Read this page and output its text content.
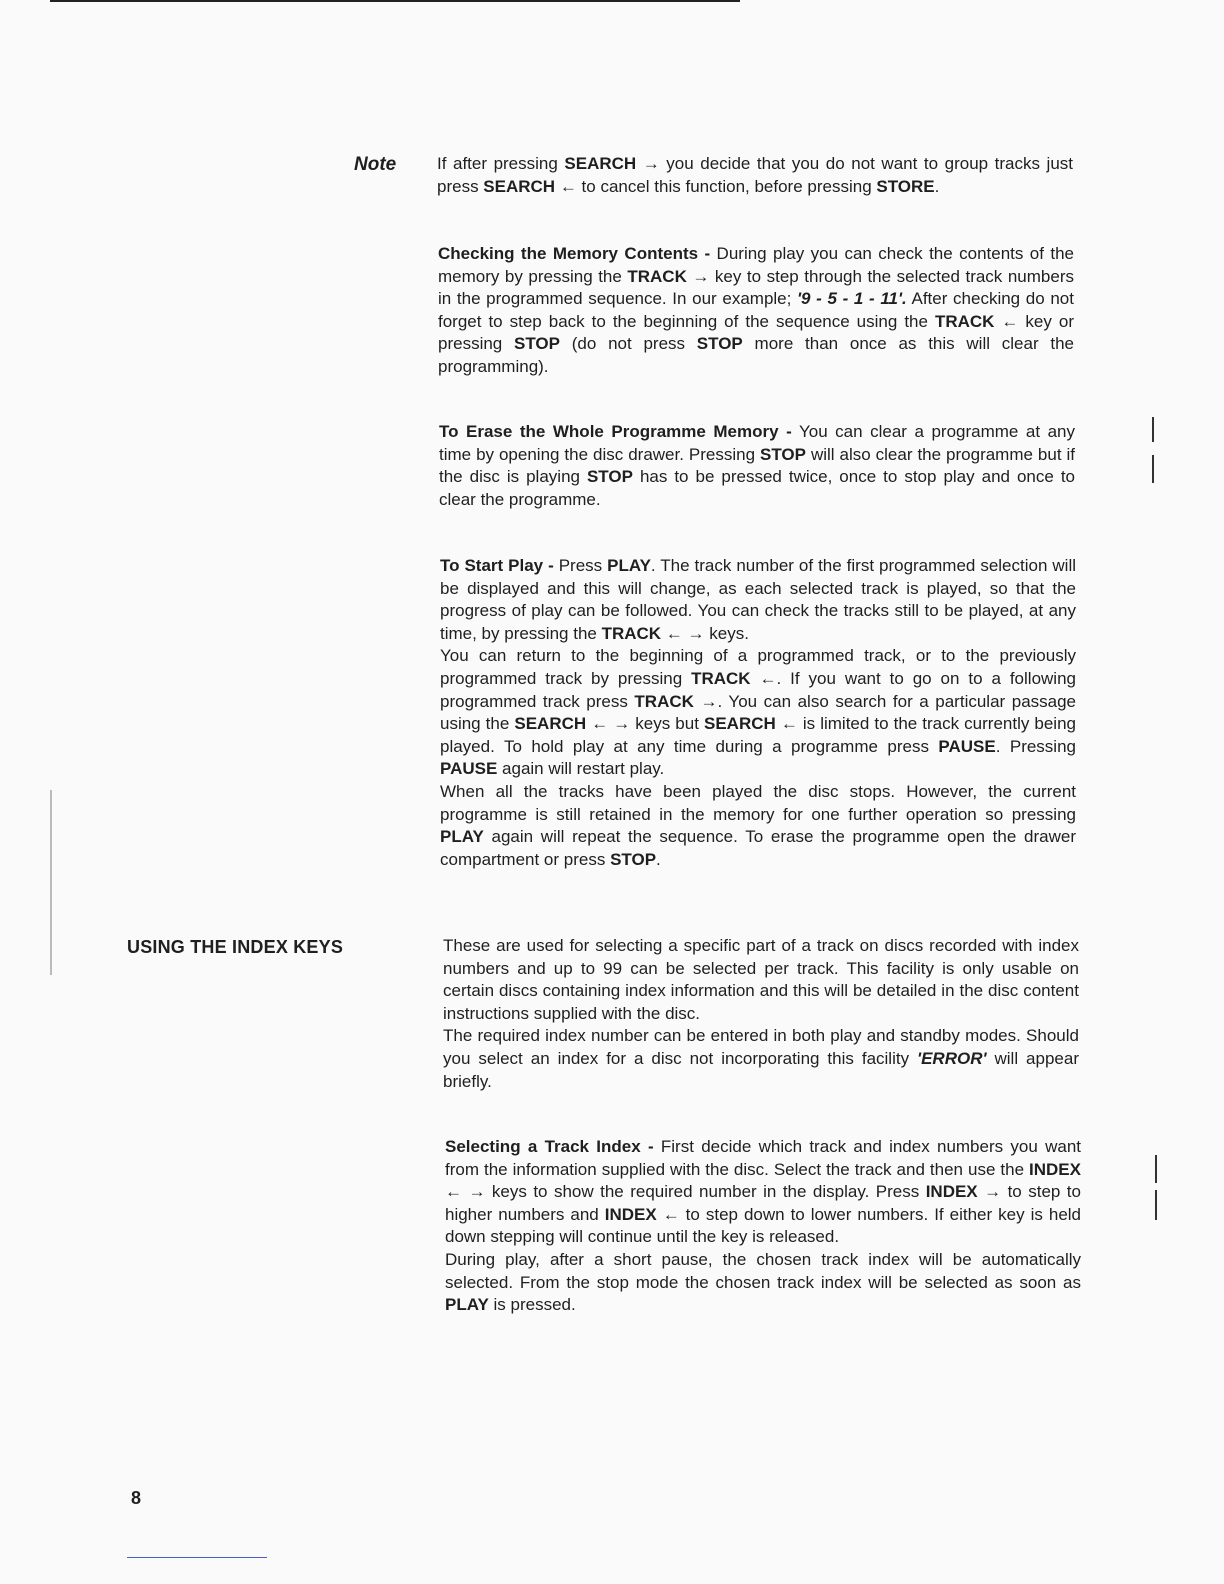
Note If after pressing SEARCH → you decide that you do not want to group tracks just press SEARCH ← to cancel this function, before pressing STORE.

Checking the Memory Contents - During play you can check the contents of the memory by pressing the TRACK → key to step through the selected track numbers in the programmed sequence. In our example; '9 - 5 - 1 - 11'. After checking do not forget to step back to the beginning of the sequence using the TRACK ← key or pressing STOP (do not press STOP more than once as this will clear the programming).

To Erase the Whole Programme Memory - You can clear a programme at any time by opening the disc drawer. Pressing STOP will also clear the programme but if the disc is playing STOP has to be pressed twice, once to stop play and once to clear the programme.

To Start Play - Press PLAY. The track number of the first programmed selection will be displayed and this will change, as each selected track is played, so that the progress of play can be followed. You can check the tracks still to be played, at any time, by pressing the TRACK ← → keys.

You can return to the beginning of a programmed track, or to the previously programmed track by pressing TRACK ←. If you want to go on to a following programmed track press TRACK →. You can also search for a particular passage using the SEARCH ← → keys but SEARCH ← is limited to the track currently being played. To hold play at any time during a programme press PAUSE. Pressing PAUSE again will restart play.

When all the tracks have been played the disc stops. However, the current programme is still retained in the memory for one further operation so pressing PLAY again will repeat the sequence. To erase the programme open the drawer compartment or press STOP.

USING THE INDEX KEYS	These are used for selecting a specific part of a track on discs recorded with index numbers and up to 99 can be selected per track. This facility is only usable on certain discs containing index information and this will be detailed in the disc content instructions supplied with the disc.

The required index number can be entered in both play and standby modes. Should you select an index for a disc not incorporating this facility 'ERROR' will appear briefly.

Selecting a Track Index - First decide which track and index numbers you want from the information supplied with the disc. Select the track and then use the INDEX ← → keys to show the required number in the display. Press INDEX → to step to higher numbers and INDEX ← to step down to lower numbers. If either key is held down stepping will continue until the key is released.

During play, after a short pause, the chosen track index will be automatically selected. From the stop mode the chosen track index will be selected as soon as PLAY is pressed.

8
